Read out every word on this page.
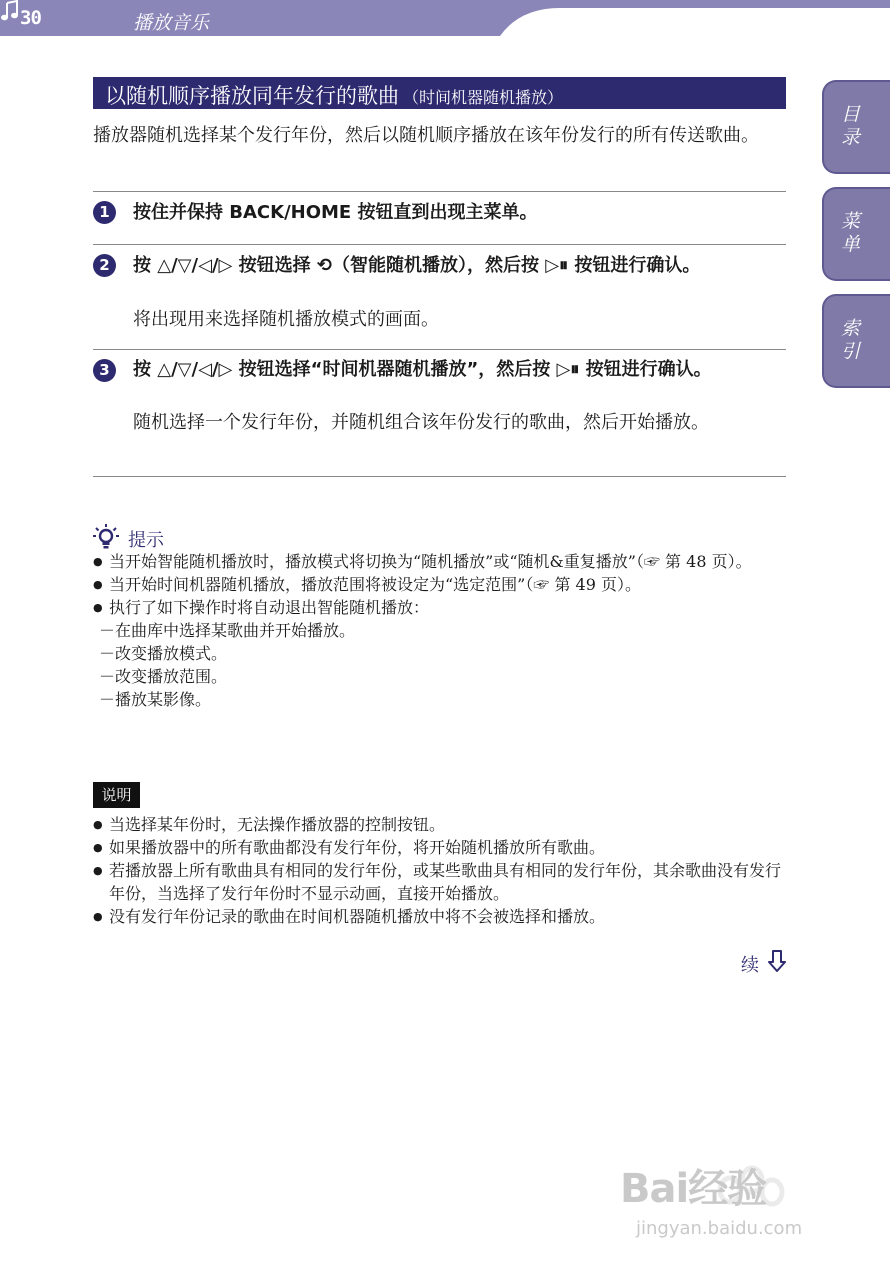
30	播放音乐
目录
菜单
索引
以随机顺序播放同年发行的歌曲 （时间机器随机播放）
播放器随机选择某个发行年份，然后以随机顺序播放在该年份发行的所有传送歌曲。
1	按住并保持 BACK/HOME 按钮直到出现主菜单。
2	按 △/▽/◁/▷ 按钮选择 ⟲（智能随机播放），然后按 ▷⏸ 按钮进行确认。
将出现用来选择随机播放模式的画面。
3	按 △/▽/◁/▷ 按钮选择“时间机器随机播放”，然后按 ▷⏸ 按钮进行确认。
随机选择一个发行年份，并随机组合该年份发行的歌曲，然后开始播放。
提示
● 当开始智能随机播放时，播放模式将切换为“随机播放”或“随机&重复播放”（☞ 第 48 页）。
● 当开始时间机器随机播放，播放范围将被设定为“选定范围”（☞ 第 49 页）。
● 执行了如下操作时将自动退出智能随机播放：
－在曲库中选择某歌曲并开始播放。
－改变播放模式。
－改变播放范围。
－播放某影像。
说明
● 当选择某年份时，无法操作播放器的控制按钮。
● 如果播放器中的所有歌曲都没有发行年份，将开始随机播放所有歌曲。
● 若播放器上所有歌曲具有相同的发行年份，或某些歌曲具有相同的发行年份，其余歌曲没有发行年份，当选择了发行年份时不显示动画，直接开始播放。
● 没有发行年份记录的歌曲在时间机器随机播放中将不会被选择和播放。
续
Bai经验
jingyan.baidu.com
